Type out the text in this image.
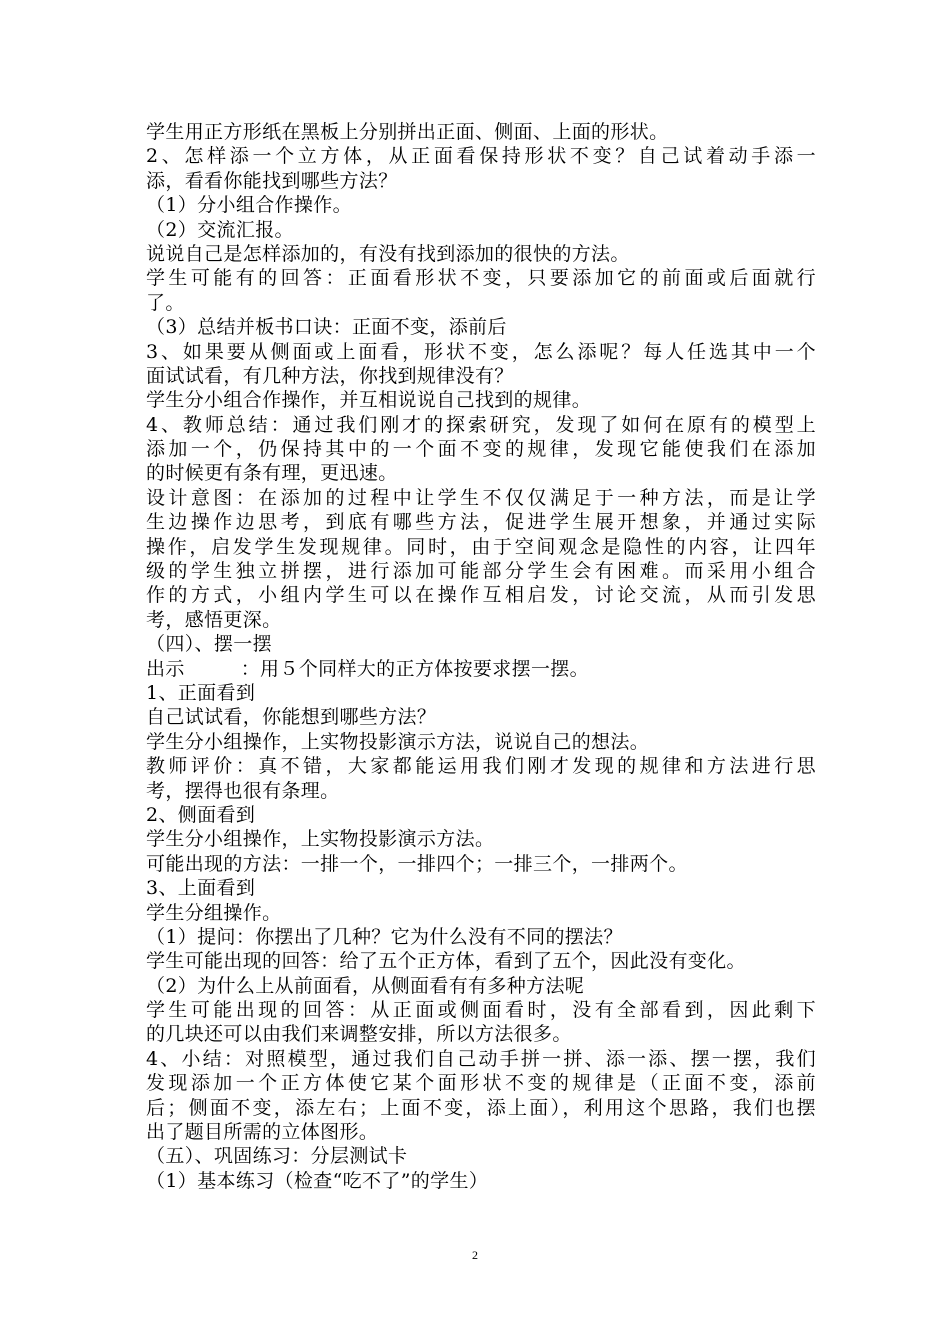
学生用正方形纸在黑板上分别拼出正面、侧面、上面的形状。
2、怎样添一个立方体，从正面看保持形状不变？自己试着动手添一
添，看看你能找到哪些方法？
（1）分小组合作操作。
（2）交流汇报。
说说自己是怎样添加的，有没有找到添加的很快的方法。
学生可能有的回答：正面看形状不变，只要添加它的前面或后面就行
了。
（3）总结并板书口诀：正面不变，添前后
3、如果要从侧面或上面看，形状不变，怎么添呢？每人任选其中一个
面试试看，有几种方法，你找到规律没有？
学生分小组合作操作，并互相说说自己找到的规律。
4、教师总结：通过我们刚才的探索研究，发现了如何在原有的模型上
添加一个，仍保持其中的一个面不变的规律，发现它能使我们在添加
的时候更有条有理，更迅速。
设计意图：在添加的过程中让学生不仅仅满足于一种方法，而是让学
生边操作边思考，到底有哪些方法，促进学生展开想象，并通过实际
操作，启发学生发现规律。同时，由于空间观念是隐性的内容，让四年
级的学生独立拼摆，进行添加可能部分学生会有困难。而采用小组合
作的方式，小组内学生可以在操作互相启发，讨论交流，从而引发思
考，感悟更深。
（四）、摆一摆
出示	：用５个同样大的正方体按要求摆一摆。
1、正面看到
自己试试看，你能想到哪些方法？
学生分小组操作，上实物投影演示方法，说说自己的想法。
教师评价：真不错，大家都能运用我们刚才发现的规律和方法进行思
考，摆得也很有条理。
2、侧面看到
学生分小组操作，上实物投影演示方法。
可能出现的方法：一排一个，一排四个；一排三个，一排两个。
3、上面看到
学生分组操作。
（1）提问：你摆出了几种？它为什么没有不同的摆法？
学生可能出现的回答：给了五个正方体，看到了五个，因此没有变化。
（2）为什么上从前面看，从侧面看有有多种方法呢
学生可能出现的回答：从正面或侧面看时，没有全部看到，因此剩下
的几块还可以由我们来调整安排，所以方法很多。
4、小结：对照模型，通过我们自己动手拼一拼、添一添、摆一摆，我们
发现添加一个正方体使它某个面形状不变的规律是（正面不变，添前
后；侧面不变，添左右；上面不变，添上面），利用这个思路，我们也摆
出了题目所需的立体图形。
（五）、巩固练习：分层测试卡
（1）基本练习（检查“吃不了”的学生）
2
